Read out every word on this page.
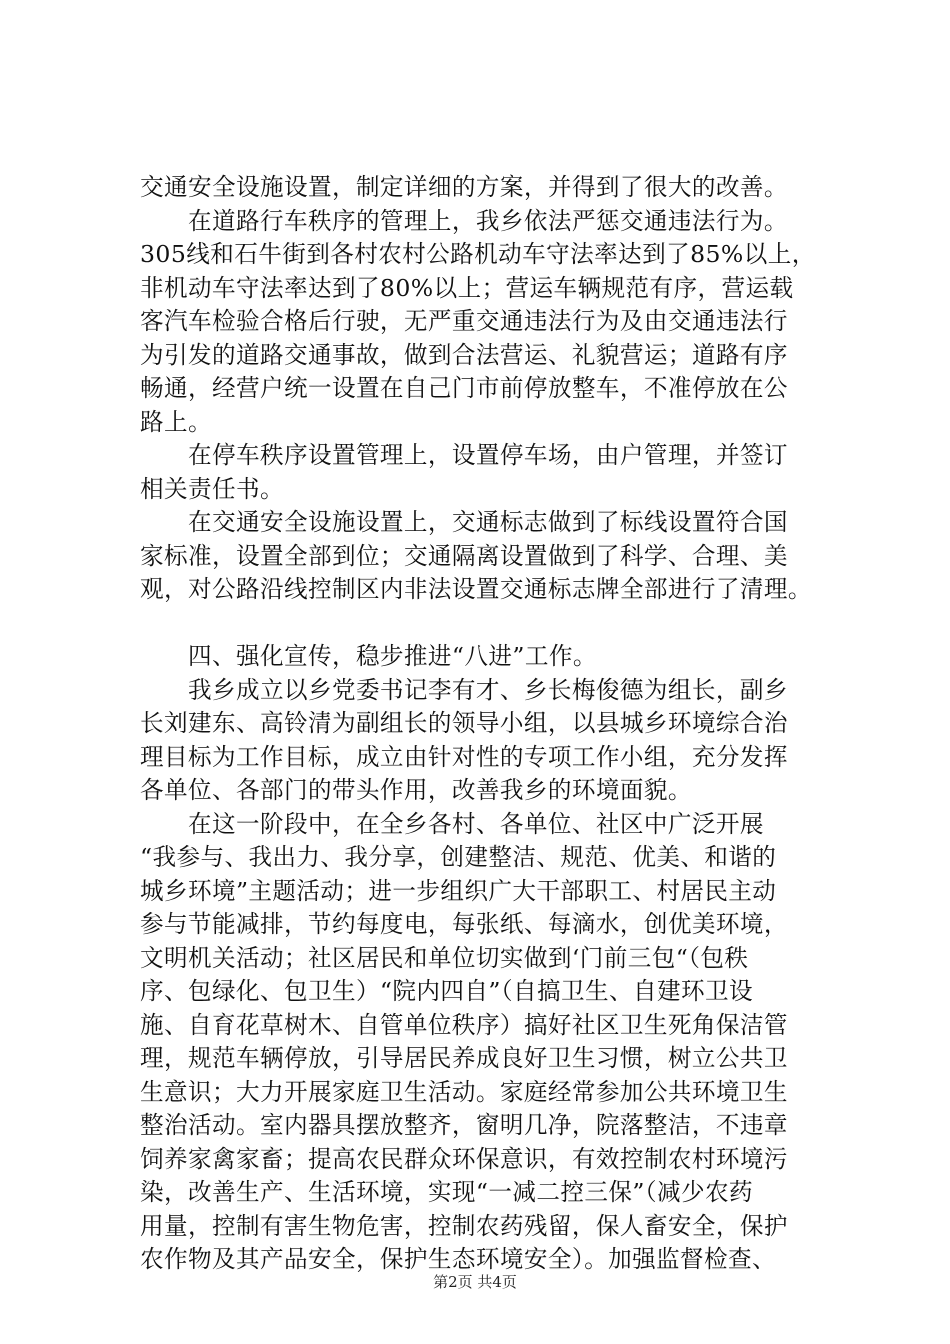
交通安全设施设置，制定详细的方案，并得到了很大的改善。
　　在道路行车秩序的管理上，我乡依法严惩交通违法行为。
305线和石牛街到各村农村公路机动车守法率达到了85%以上，
非机动车守法率达到了80%以上；营运车辆规范有序，营运载
客汽车检验合格后行驶，无严重交通违法行为及由交通违法行
为引发的道路交通事故，做到合法营运、礼貌营运；道路有序
畅通，经营户统一设置在自己门市前停放整车，不准停放在公
路上。
　　在停车秩序设置管理上，设置停车场，由户管理，并签订
相关责任书。
　　在交通安全设施设置上，交通标志做到了标线设置符合国
家标准，设置全部到位；交通隔离设置做到了科学、合理、美
观，对公路沿线控制区内非法设置交通标志牌全部进行了清理。
　　四、强化宣传，稳步推进“八进”工作。
　　我乡成立以乡党委书记李有才、乡长梅俊德为组长，副乡
长刘建东、高铃清为副组长的领导小组，以县城乡环境综合治
理目标为工作目标，成立由针对性的专项工作小组，充分发挥
各单位、各部门的带头作用，改善我乡的环境面貌。
　　在这一阶段中，在全乡各村、各单位、社区中广泛开展
“我参与、我出力、我分享，创建整洁、规范、优美、和谐的
城乡环境”主题活动；进一步组织广大干部职工、村居民主动
参与节能减排，节约每度电，每张纸、每滴水，创优美环境，
文明机关活动；社区居民和单位切实做到‘门前三包“（包秩
序、包绿化、包卫生）“院内四自”（自搞卫生、自建环卫设
施、自育花草树木、自管单位秩序）搞好社区卫生死角保洁管
理，规范车辆停放，引导居民养成良好卫生习惯，树立公共卫
生意识；大力开展家庭卫生活动。家庭经常参加公共环境卫生
整治活动。室内器具摆放整齐，窗明几净，院落整洁，不违章
饲养家禽家畜；提高农民群众环保意识，有效控制农村环境污
染，改善生产、生活环境，实现“一减二控三保”（减少农药
用量，控制有害生物危害，控制农药残留，保人畜安全，保护
农作物及其产品安全，保护生态环境安全）。加强监督检查、
第2页 共4页
